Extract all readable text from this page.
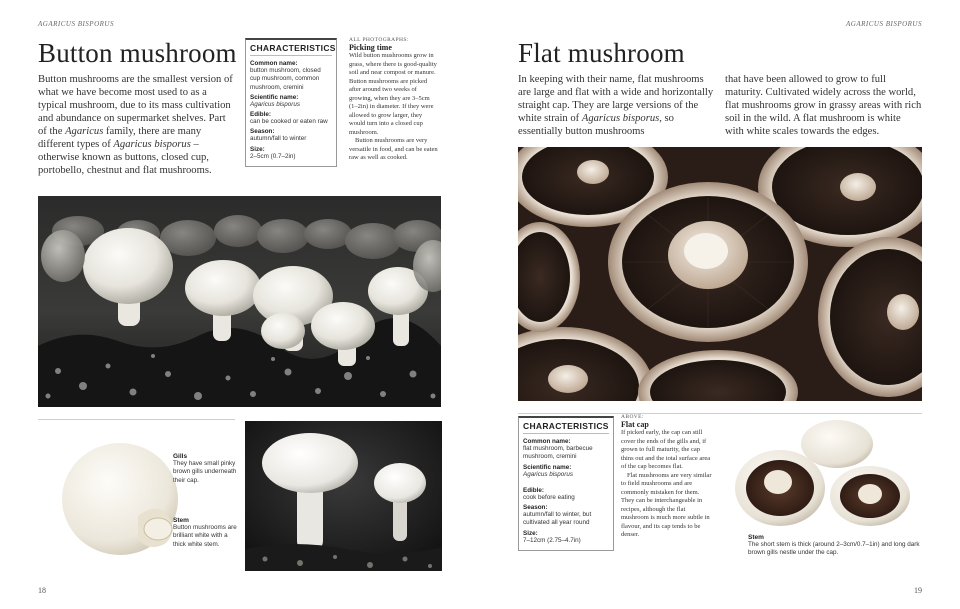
AGARICUS BISPORUS	AGARICUS BISPORUS
Button mushroom
Button mushrooms are the smallest version of what we have become most used to as a typical mushroom, due to its mass cultivation and abundance on supermarket shelves. Part of the Agaricus family, there are many different types of Agaricus bisporus – otherwise known as buttons, closed cup, portobello, chestnut and flat mushrooms.
CHARACTERISTICS
Common name:
button mushroom, closed cup mushroom, common mushroom, cremini
Scientific name:
Agaricus bisporus
Edible:
can be cooked or eaten raw
Season:
autumn/fall to winter
Size:
2–5cm (0.7–2in)
ALL PHOTOGRAPHS:
Picking time

Wild button mushrooms grow in grass, where there is good-quality soil and near compost or manure. Button mushrooms are picked after around two weeks of growing, when they are 3–5cm (1–2in) in diameter. If they were allowed to grow larger, they would turn into a closed cup mushroom.

Button mushrooms are very versatile in food, and can be eaten raw as well as cooked.

Gills
They have small pinky brown gills underneath their cap.
Stem
Button mushrooms are brilliant white with a thick white stem.
18
Flat mushroom
In keeping with their name, flat mushrooms are large and flat with a wide and horizontally straight cap. They are large versions of the white strain of Agaricus bisporus, so essentially button mushrooms
that have been allowed to grow to full maturity. Cultivated widely across the world, flat mushrooms grow in grassy areas with rich soil in the wild. A flat mushroom is white with white scales towards the edges.
CHARACTERISTICS
Common name:
flat mushroom, barbecue mushroom, cremini
Scientific name:
Agaricus bisporus
Edible:
cook before eating
Season:
autumn/fall to winter, but cultivated all year round
Size:
7–12cm (2.75–4.7in)
ABOVE:
Flat cap

If picked early, the cap can still cover the ends of the gills and, if grown to full maturity, the cap thins out and the total surface area of the cap becomes flat.

Flat mushrooms are very similar to field mushrooms and are commonly mistaken for them. They can be interchangeable in recipes, although the flat mushroom is much more subtle in flavour, and its cap tends to be denser.	Stem
The short stem is thick (around 2–3cm/0.7–1in) and long dark brown gills nestle under the cap.
19
